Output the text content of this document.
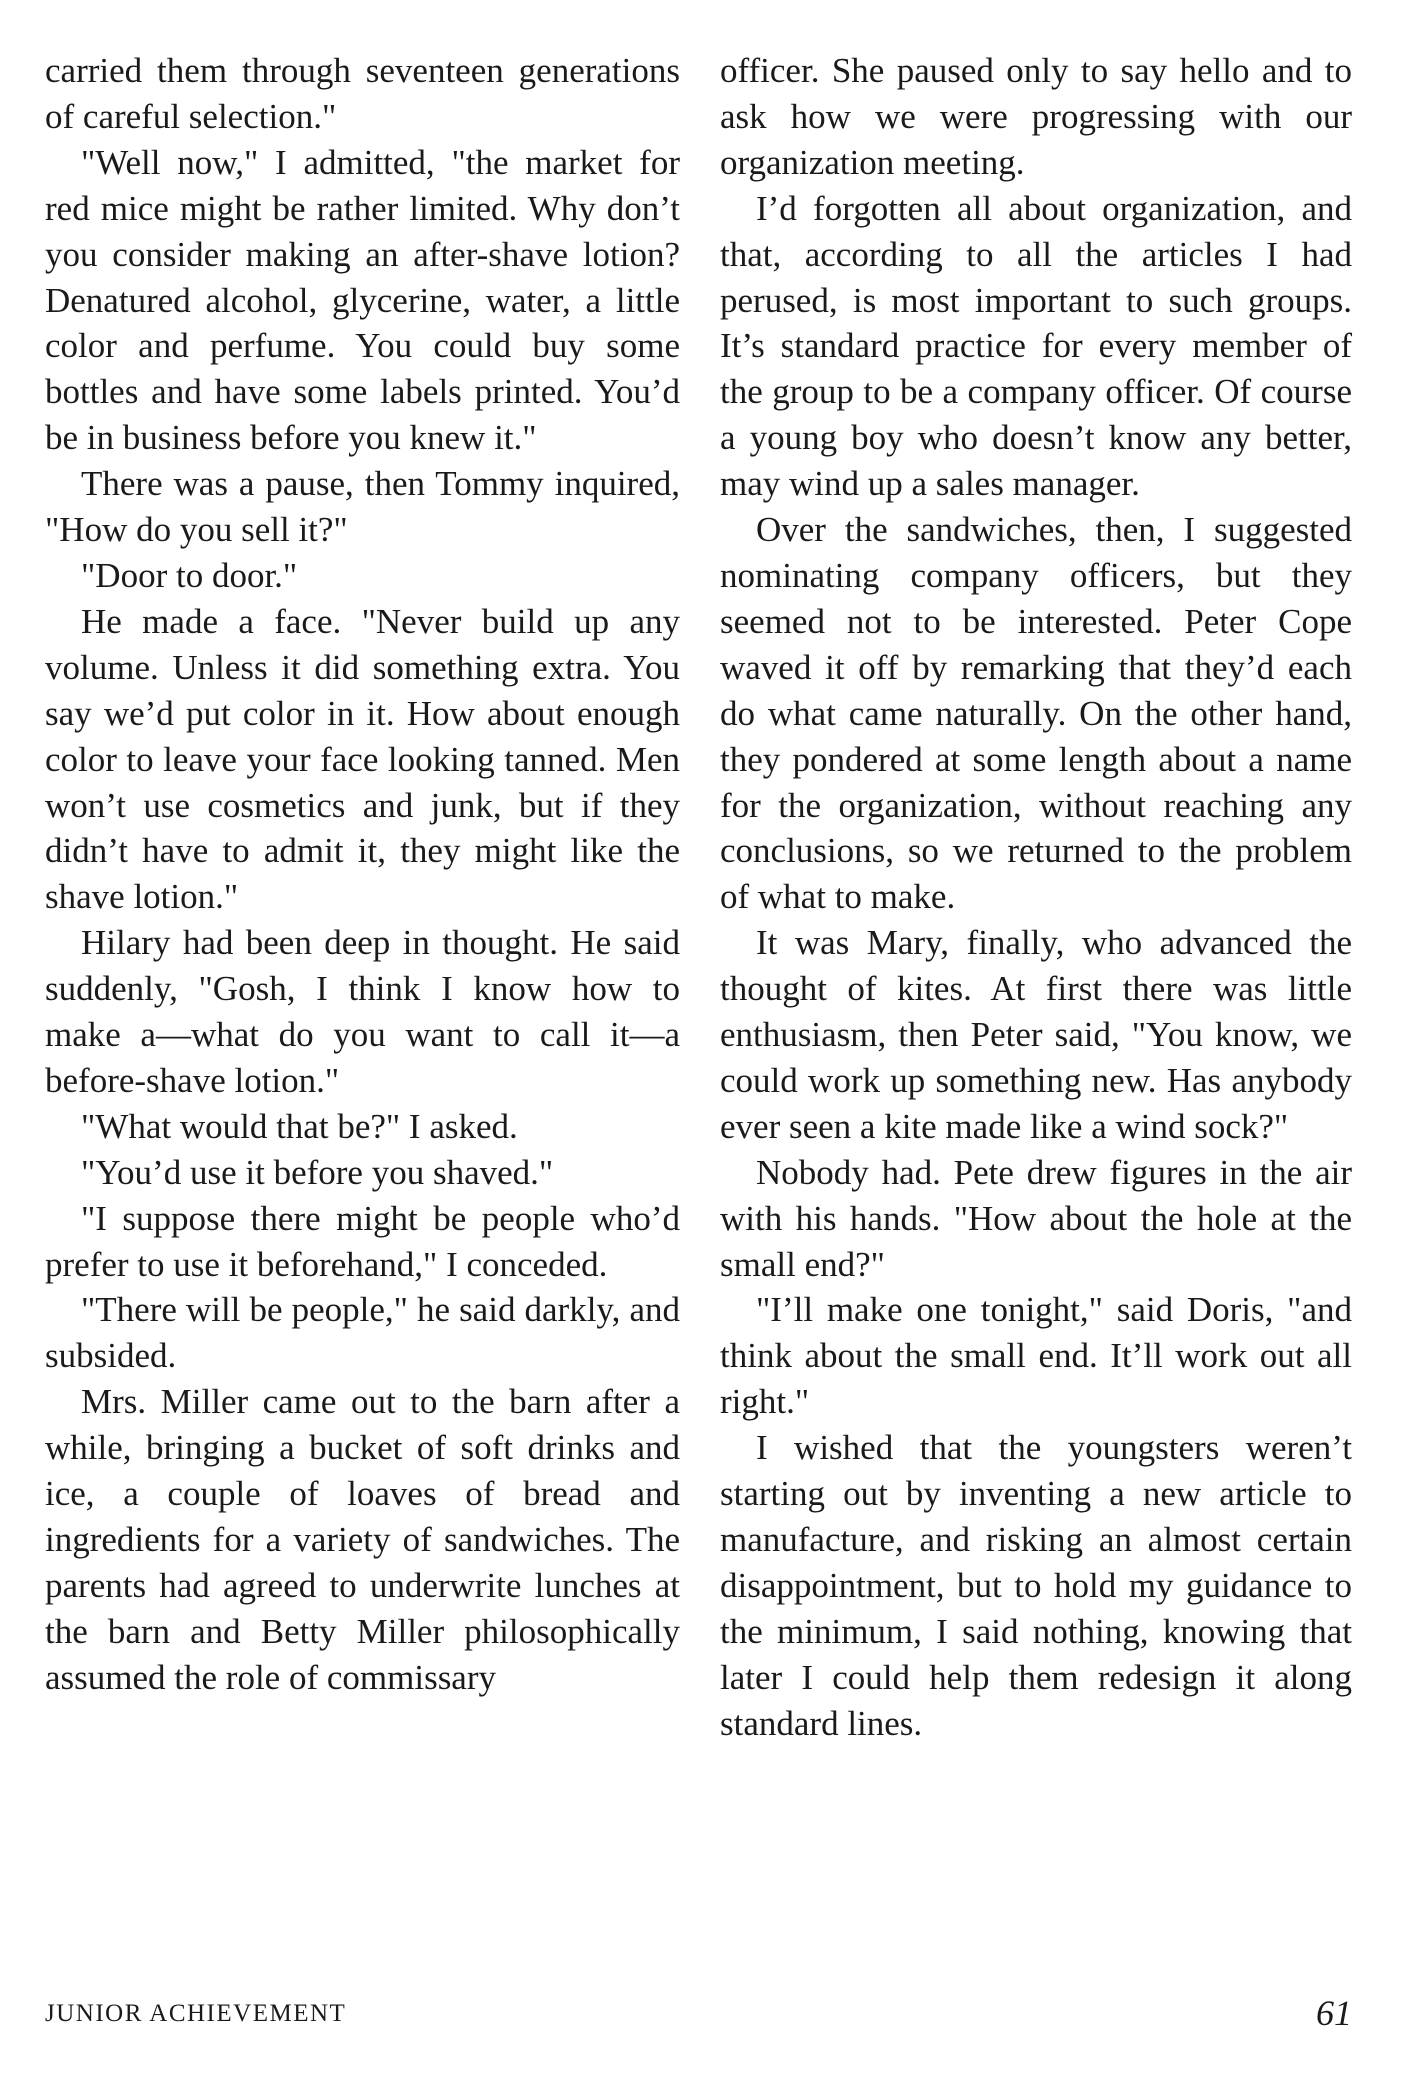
carried them through seventeen generations of careful selection."

"Well now," I admitted, "the market for red mice might be rather limited. Why don’t you consider making an after-shave lotion? Denatured alcohol, glycerine, water, a little color and perfume. You could buy some bottles and have some labels printed. You’d be in business before you knew it."

There was a pause, then Tommy inquired, "How do you sell it?"

"Door to door."

He made a face. "Never build up any volume. Unless it did something extra. You say we’d put color in it. How about enough color to leave your face looking tanned. Men won’t use cosmetics and junk, but if they didn’t have to admit it, they might like the shave lotion."

Hilary had been deep in thought. He said suddenly, "Gosh, I think I know how to make a—what do you want to call it—a before-shave lotion."

"What would that be?" I asked.

"You’d use it before you shaved."

"I suppose there might be people who’d prefer to use it beforehand," I conceded.

"There will be people," he said darkly, and subsided.

Mrs. Miller came out to the barn after a while, bringing a bucket of soft drinks and ice, a couple of loaves of bread and ingredients for a variety of sandwiches. The parents had agreed to underwrite lunches at the barn and Betty Miller philosophically assumed the role of commissary

officer. She paused only to say hello and to ask how we were progressing with our organization meeting.

I’d forgotten all about organization, and that, according to all the articles I had perused, is most important to such groups. It’s standard practice for every member of the group to be a company officer. Of course a young boy who doesn’t know any better, may wind up a sales manager.

Over the sandwiches, then, I suggested nominating company officers, but they seemed not to be interested. Peter Cope waved it off by remarking that they’d each do what came naturally. On the other hand, they pondered at some length about a name for the organization, without reaching any conclusions, so we returned to the problem of what to make.

It was Mary, finally, who advanced the thought of kites. At first there was little enthusiasm, then Peter said, "You know, we could work up something new. Has anybody ever seen a kite made like a wind sock?"

Nobody had. Pete drew figures in the air with his hands. "How about the hole at the small end?"

"I’ll make one tonight," said Doris, "and think about the small end. It’ll work out all right."

I wished that the youngsters weren’t starting out by inventing a new article to manufacture, and risking an almost certain disappointment, but to hold my guidance to the minimum, I said nothing, knowing that later I could help them redesign it along standard lines.

JUNIOR ACHIEVEMENT	61
